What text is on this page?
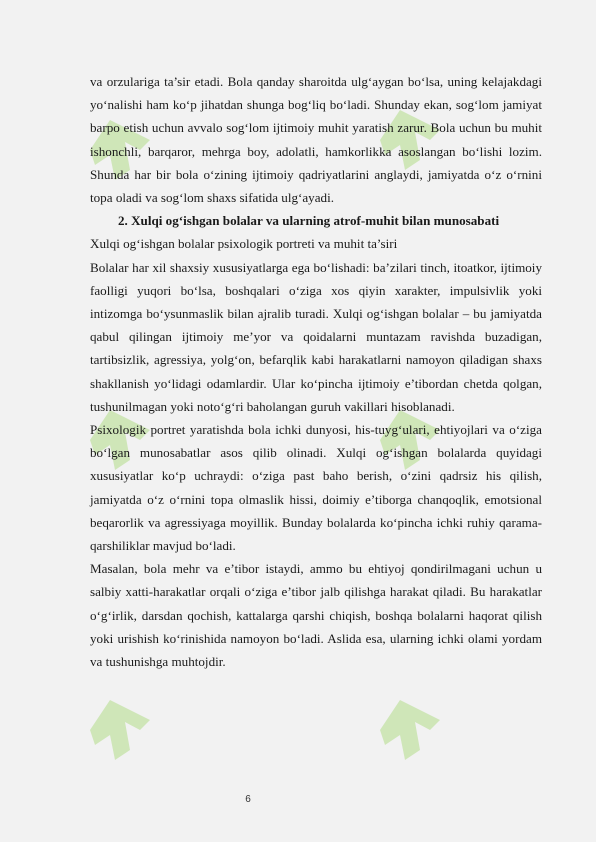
va orzulariga ta’sir etadi. Bola qanday sharoitda ulg‘aygan bo‘lsa, uning kelajakdagi yo‘nalishi ham ko‘p jihatdan shunga bog‘liq bo‘ladi. Shunday ekan, sog‘lom jamiyat barpo etish uchun avvalo sog‘lom ijtimoiy muhit yaratish zarur. Bola uchun bu muhit ishonchli, barqaror, mehrga boy, adolatli, hamkorlikka asoslangan bo‘lishi lozim. Shunda har bir bola o‘zining ijtimoiy qadriyatlarini anglaydi, jamiyatda o‘z o‘rnini topa oladi va sog‘lom shaxs sifatida ulg‘ayadi.

2. Xulqi og‘ishgan bolalar va ularning atrof-muhit bilan munosabati

Xulqi og‘ishgan bolalar psixologik portreti va muhit ta’siri

Bolalar har xil shaxsiy xususiyatlarga ega bo‘lishadi: ba’zilari tinch, itoatkor, ijtimoiy faolligi yuqori bo‘lsa, boshqalari o‘ziga xos qiyin xarakter, impulsivlik yoki intizomga bo‘ysunmaslik bilan ajralib turadi. Xulqi og‘ishgan bolalar – bu jamiyatda qabul qilingan ijtimoiy me’yor va qoidalarni muntazam ravishda buzadigan, tartibsizlik, agressiya, yolg‘on, befarqlik kabi harakatlarni namoyon qiladigan shaxs shakllanish yo‘lidagi odamlardir. Ular ko‘pincha ijtimoiy e’tibordan chetda qolgan, tushunilmagan yoki noto‘g‘ri baholangan guruh vakillari hisoblanadi.

Psixologik portret yaratishda bola ichki dunyosi, his-tuyg‘ulari, ehtiyojlari va o‘ziga bo‘lgan munosabatlar asos qilib olinadi. Xulqi og‘ishgan bolalarda quyidagi xususiyatlar ko‘p uchraydi: o‘ziga past baho berish, o‘zini qadrsiz his qilish, jamiyatda o‘z o‘rnini topa olmaslik hissi, doimiy e’tiborga chanqoqlik, emotsional beqarorlik va agressiyaga moyillik. Bunday bolalarda ko‘pincha ichki ruhiy qarama-qarshiliklar mavjud bo‘ladi.

Masalan, bola mehr va e’tibor istaydi, ammo bu ehtiyoj qondirilmagani uchun u salbiy xatti-harakatlar orqali o‘ziga e’tibor jalb qilishga harakat qiladi. Bu harakatlar o‘g‘irlik, darsdan qochish, kattalarga qarshi chiqish, boshqa bolalarni haqorat qilish yoki urishish ko‘rinishida namoyon bo‘ladi. Aslida esa, ularning ichki olami yordam va tushunishga muhtojdir.

6
